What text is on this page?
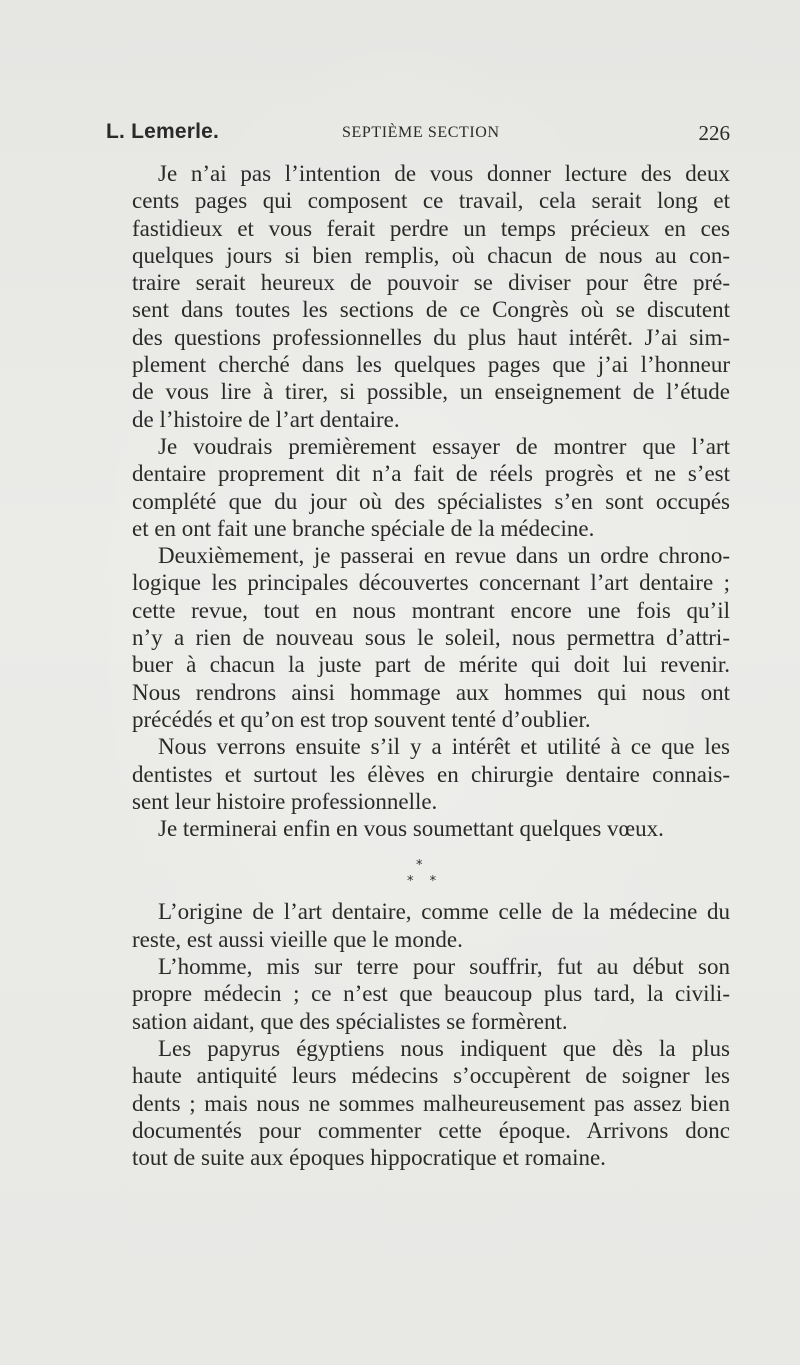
L. Lemerle.	SEPTIÈME SECTION	226

Je n’ai pas l’intention de vous donner lecture des deux
cents pages qui composent ce travail, cela serait long et
fastidieux et vous ferait perdre un temps précieux en ces
quelques jours si bien remplis, où chacun de nous au con-
traire serait heureux de pouvoir se diviser pour être pré-
sent dans toutes les sections de ce Congrès où se discutent
des questions professionnelles du plus haut intérêt. J’ai sim-
plement cherché dans les quelques pages que j’ai l’honneur
de vous lire à tirer, si possible, un enseignement de l’étude
de l’histoire de l’art dentaire.

Je voudrais premièrement essayer de montrer que l’art
dentaire proprement dit n’a fait de réels progrès et ne s’est
complété que du jour où des spécialistes s’en sont occupés
et en ont fait une branche spéciale de la médecine.

Deuxièmement, je passerai en revue dans un ordre chrono-
logique les principales découvertes concernant l’art dentaire ;
cette revue, tout en nous montrant encore une fois qu’il
n’y a rien de nouveau sous le soleil, nous permettra d’attri-
buer à chacun la juste part de mérite qui doit lui revenir.
Nous rendrons ainsi hommage aux hommes qui nous ont
précédés et qu’on est trop souvent tenté d’oublier.

Nous verrons ensuite s’il y a intérêt et utilité à ce que les
dentistes et surtout les élèves en chirurgie dentaire connais-
sent leur histoire professionnelle.

Je terminerai enfin en vous soumettant quelques vœux.

*
* *

L’origine de l’art dentaire, comme celle de la médecine du
reste, est aussi vieille que le monde.

L’homme, mis sur terre pour souffrir, fut au début son
propre médecin ; ce n’est que beaucoup plus tard, la civili-
sation aidant, que des spécialistes se formèrent.

Les papyrus égyptiens nous indiquent que dès la plus
haute antiquité leurs médecins s’occupèrent de soigner les
dents ; mais nous ne sommes malheureusement pas assez bien
documentés pour commenter cette époque. Arrivons donc
tout de suite aux époques hippocratique et romaine.
